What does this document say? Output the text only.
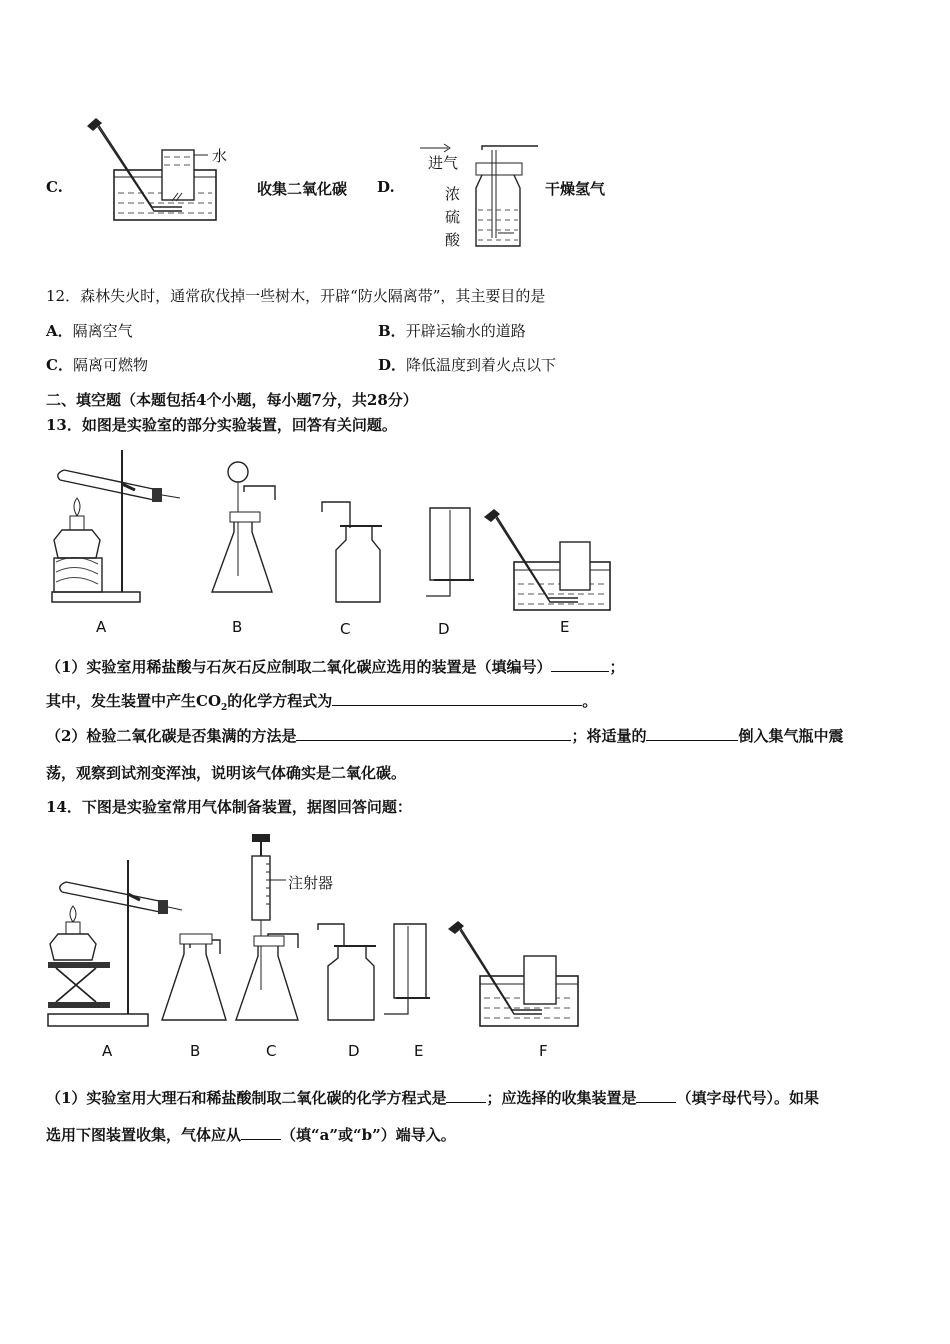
C.
水
收集二氧化碳 D.
进气
浓
硫
酸
干燥氢气
12．森林失火时，通常砍伐掉一些树木，开辟“防火隔离带”，其主要目的是
A．隔离空气	B．开辟运输水的道路
C．隔离可燃物	D．降低温度到着火点以下
二、填空题（本题包括4个小题，每小题7分，共28分）
13．如图是实验室的部分实验装置，回答有关问题。
A	B	C	D	E
（1）实验室用稀盐酸与石灰石反应制取二氧化碳应选用的装置是（填编号）	；
其中，发生装置中产生$CO_2$的化学方程式为	。
（2）检验二氧化碳是否集满的方法是	；将适量的	倒入集气瓶中震
荡，观察到试剂变浑浊，说明该气体确实是二氧化碳。
14．下图是实验室常用气体制备装置，据图回答问题：
注射器
A	B	C	D	E	F
（1）实验室用大理石和稀盐酸制取二氧化碳的化学方程式是	；应选择的收集装置是	（填字母代号）。如果
选用下图装置收集，气体应从	（填“a”或“b”）端导入。
